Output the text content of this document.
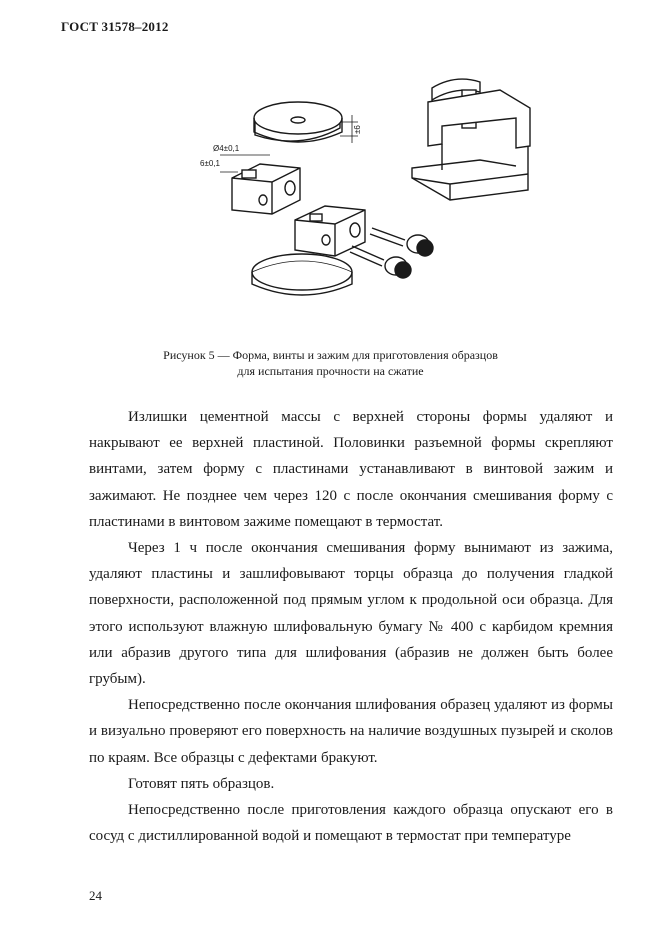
ГОСТ 31578–2012
Ø4±0,1
6±0,1
±6
Рисунок 5 — Форма, винты и зажим для приготовления образцов
для испытания прочности на сжатие

Излишки цементной массы с верхней стороны формы удаляют и накрывают ее верхней пластиной. Половинки разъемной формы скрепляют винтами, затем форму с пластинами устанавливают в винтовой зажим и зажимают. Не позднее чем через 120 с после окончания смешивания форму с пластинами в винтовом зажиме помещают в термостат.

Через 1 ч после окончания смешивания форму вынимают из зажима, удаляют пластины и зашлифовывают торцы образца до получения гладкой поверхности, расположенной под прямым углом к продольной оси образца. Для этого используют влажную шлифовальную бумагу № 400 с карбидом кремния или абразив другого типа для шлифования (абразив не должен быть более грубым).

Непосредственно после окончания шлифования образец удаляют из формы и визуально проверяют его поверхность на наличие воздушных пузырей и сколов по краям. Все образцы с дефектами бракуют.

Готовят пять образцов.

Непосредственно после приготовления каждого образца опускают его в сосуд с дистиллированной водой и помещают в термостат при температуре

24
